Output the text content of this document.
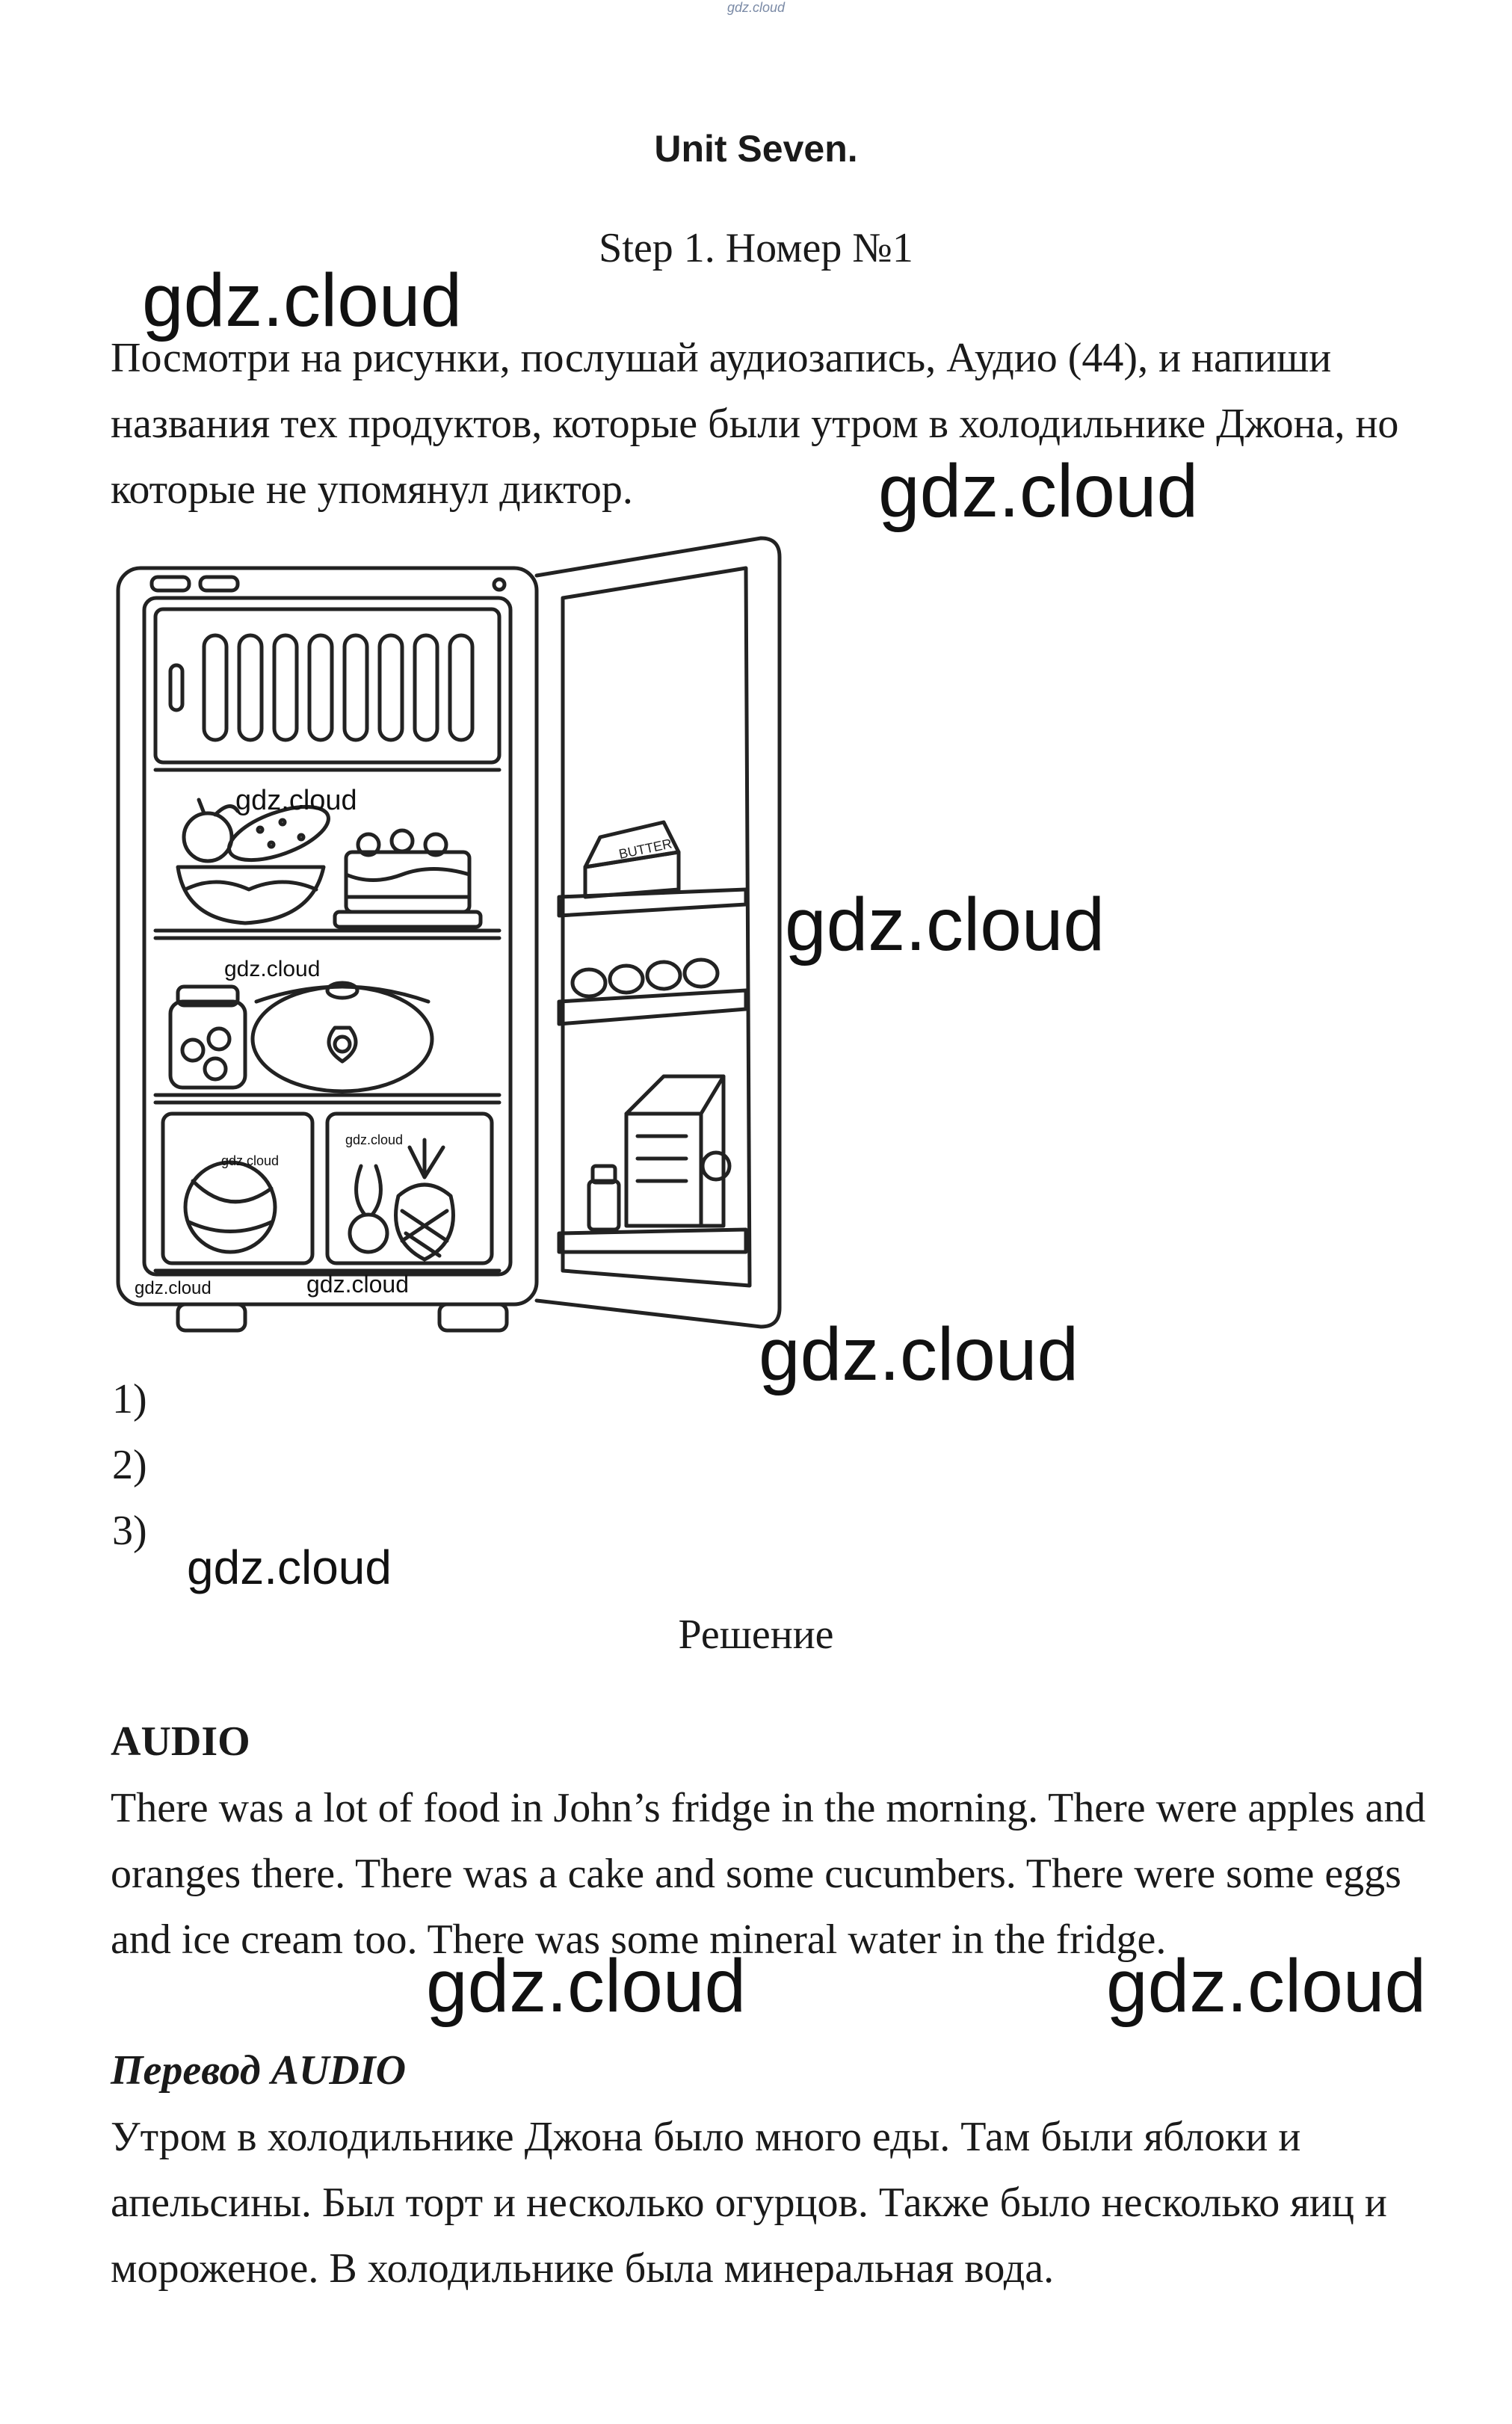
gdz.cloud
Unit Seven.
Step 1. Номер №1
Посмотри на рисунки, послушай аудиозапись, Аудио (44), и напиши названия тех продуктов, которые были утром в холодильнике Джона, но которые не упомянул диктор.
BUTTER
1)
2)
3)
Решение
AUDIO
There was a lot of food in John’s fridge in the morning. There were apples and oranges there. There was a cake and some cucumbers. There were some eggs and ice cream too. There was some mineral water in the fridge.
Перевод AUDIO
Утром в холодильнике Джона было много еды. Там были яблоки и апельсины. Был торт и несколько огурцов. Также было несколько яиц и мороженое. В холодильнике была минеральная вода.
gdz.cloud
gdz.cloud
gdz.cloud
gdz.cloud
gdz.cloud
gdz.cloud
gdz.cloud
gdz.cloud	gdz.cloud
gdz.cloud
gdz.cloud
gdz.cloud	gdz.cloud
